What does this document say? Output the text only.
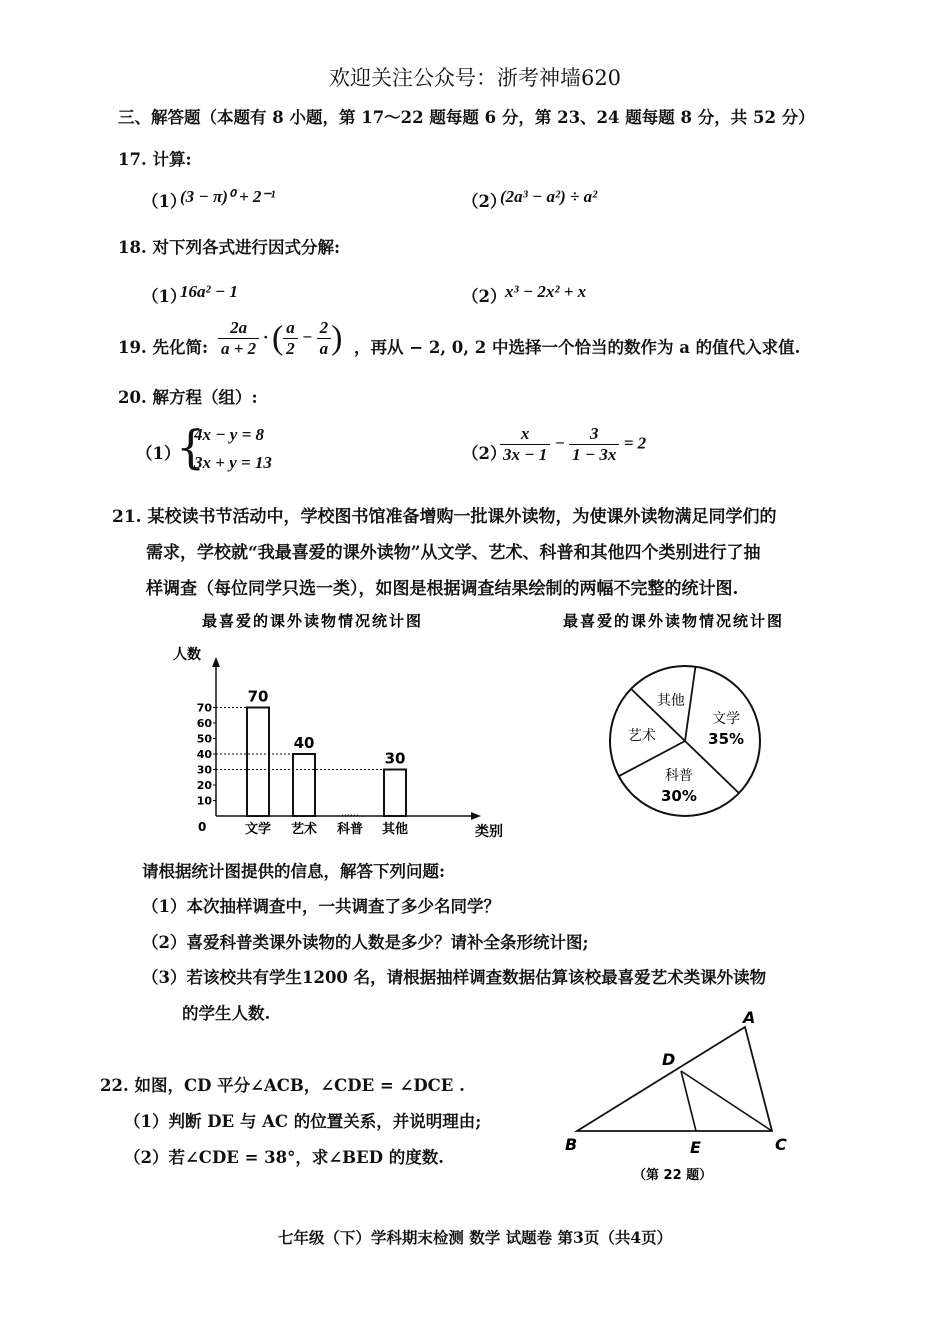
欢迎关注公众号：浙考神墙620
三、解答题（本题有 8 小题，第 17～22 题每题 6 分，第 23、24 题每题 8 分，共 52 分）
17. 计算:
（1）
(3 − π)⁰ + 2⁻¹	（2）
(2a³ − a²) ÷ a²
18. 对下列各式进行因式分解:
（1）
16a² − 1	（2）
x³ − 2x² + x
19. 先化简: $\frac{2a}{a + 2}$ · ( $\frac{a}{2} - \frac{2}{a}$ ) ，再从 − 2, 0, 2 中选择一个恰当的数作为 a 的值代入求值.
20. 解方程（组）:
（1）
{
4x − y = 8
3x + y = 13	（2）
$\frac{x}{3x - 1} - \frac{3}{1 - 3x} = 2$
21. 某校读书节活动中，学校图书馆准备增购一批课外读物，为使课外读物满足同学们的
需求，学校就“我最喜爱的课外读物”从文学、艺术、科普和其他四个类别进行了抽
样调查（每位同学只选一类），如图是根据调查结果绘制的两幅不完整的统计图.
最喜爱的课外读物情况统计图
人数
0	类别
10
20
30
40
50
60
70
文学
70
艺术
40
科普 其他
30
最喜爱的课外读物情况统计图
文学
35%
科普
30%
艺术
其他
请根据统计图提供的信息，解答下列问题:
（1）本次抽样调查中，一共调查了多少名同学？
（2）喜爱科普类课外读物的人数是多少？请补全条形统计图;
（3）若该校共有学生1200 名，请根据抽样调查数据估算该校最喜爱艺术类课外读物
的学生人数.
22. 如图，CD 平分∠ACB，∠CDE = ∠DCE .
（1）判断 DE 与 AC 的位置关系，并说明理由;
（2）若∠CDE = 38°，求∠BED 的度数.
A
B	C
D
E
（第 22 题）
七年级（下）学科期末检测 数学 试题卷 第3页（共4页）
